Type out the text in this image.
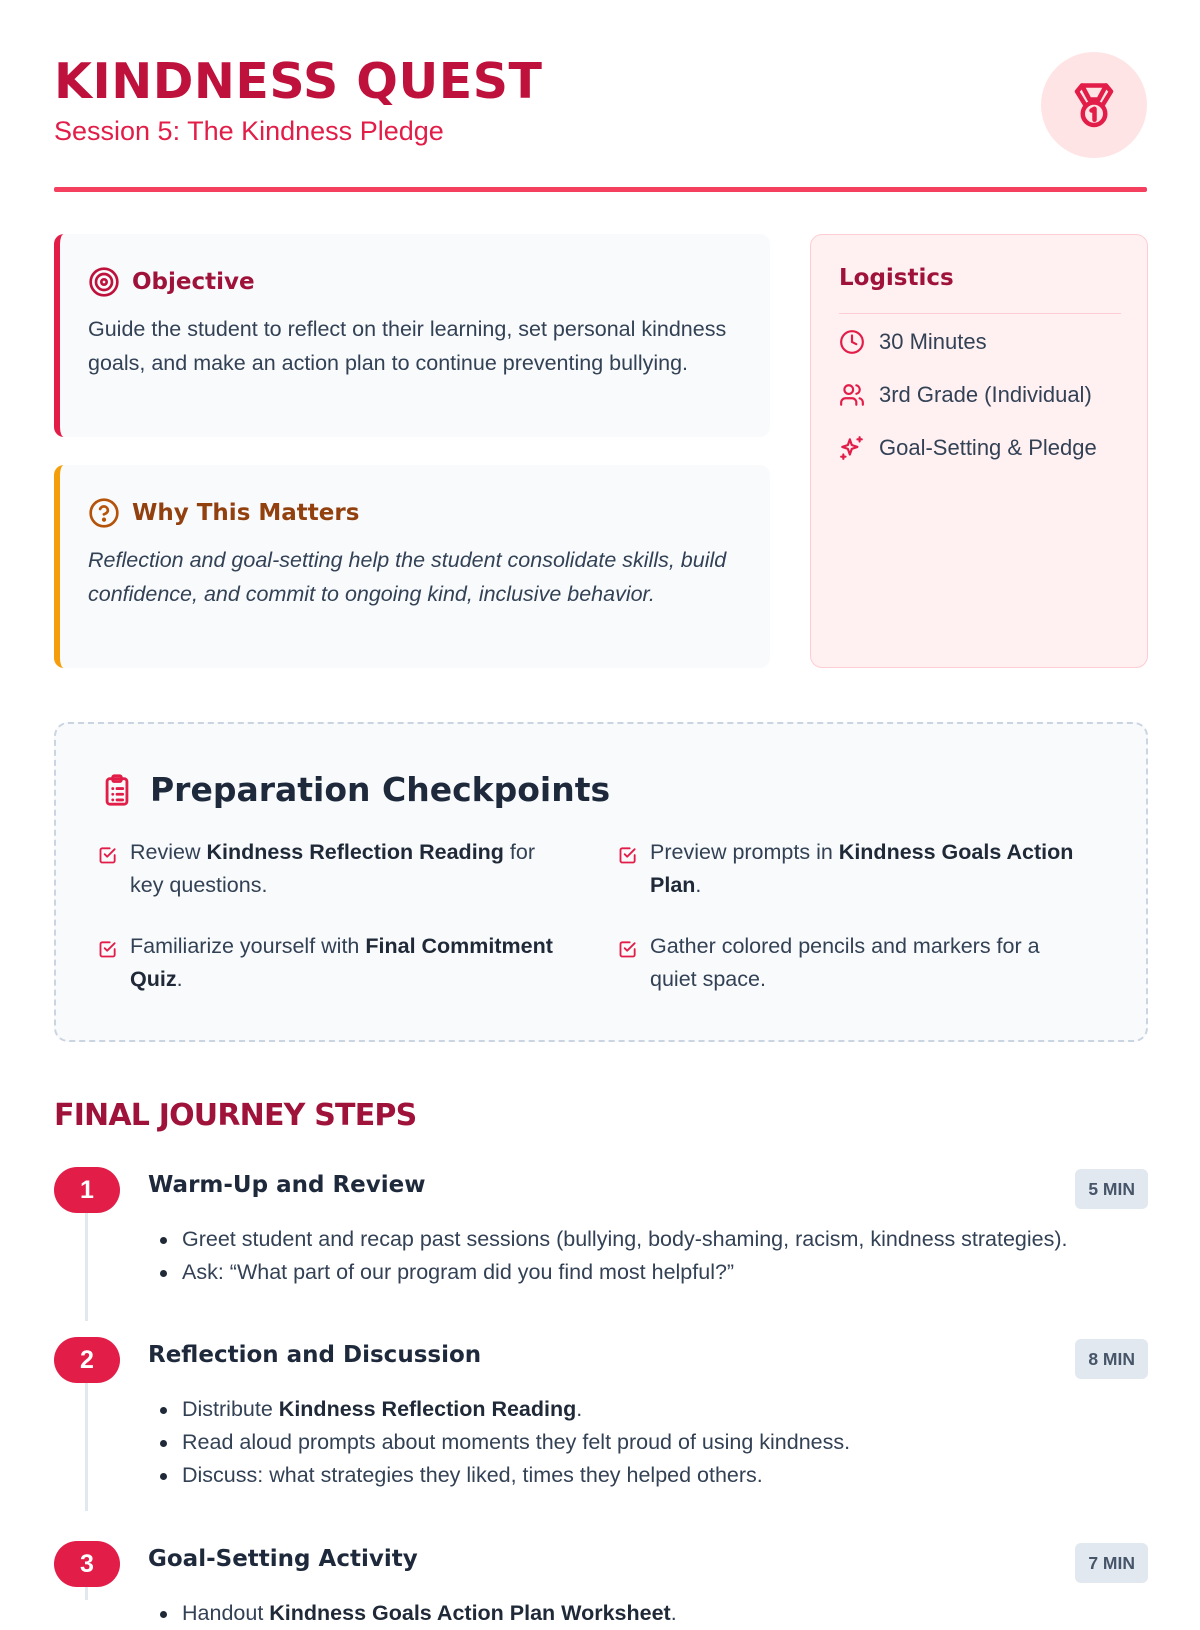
KINDNESS QUEST
Session 5: The Kindness Pledge
Objective
Guide the student to reflect on their learning, set personal kindness goals, and make an action plan to continue preventing bullying.
Why This Matters
Reflection and goal-setting help the student consolidate skills, build confidence, and commit to ongoing kind, inclusive behavior.
Logistics
30 Minutes
3rd Grade (Individual)
Goal-Setting & Pledge
Preparation Checkpoints
Review Kindness Reflection Reading for key questions.
Preview prompts in Kindness Goals Action Plan.
Familiarize yourself with Final Commitment Quiz.
Gather colored pencils and markers for a quiet space.
FINAL JOURNEY STEPS
1	Warm-Up and Review	5 MIN
Greet student and recap past sessions (bullying, body-shaming, racism, kindness strategies).
Ask: “What part of our program did you find most helpful?”
2	Reflection and Discussion	8 MIN
Distribute Kindness Reflection Reading.
Read aloud prompts about moments they felt proud of using kindness.
Discuss: what strategies they liked, times they helped others.
3	Goal-Setting Activity	7 MIN
Handout Kindness Goals Action Plan Worksheet.
